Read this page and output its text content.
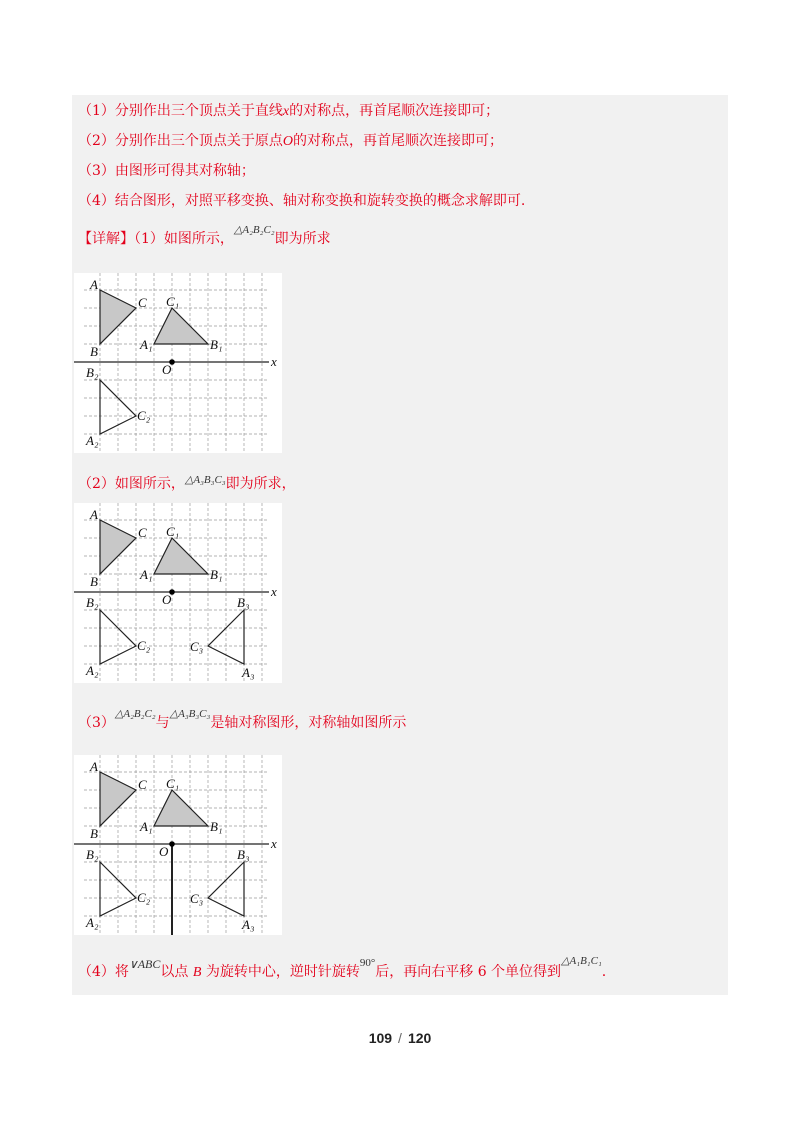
（1）分别作出三个顶点关于直线x的对称点，再首尾顺次连接即可；
（2）分别作出三个顶点关于原点O的对称点，再首尾顺次连接即可；
（3）由图形可得其对称轴；
（4）结合图形，对照平移变换、轴对称变换和旋转变换的概念求解即可.
【详解】（1）如图所示，$^{\triangle A_2B_2C_2}$即为所求
A
C
B
C₁
A₁	B₁
O
x
B₂
C₂
A₂
（2）如图所示，$^{\triangle A_3B_3C_3}$即为所求，
A
C
B
C₁
A₁	B₁
O
x
B₂
C₂
A₂
B₃
C₃
A₃
$(3)^{\triangle A_2B_2C_2}$与$^{\triangle A_3B_3C_3}$是轴对称图形，对称轴如图所示
A
C
B
C₁
A₁	B₁
O
x
B₂
C₂
A₂
B₃
C₃
A₃
（4）将∨ABC以点 B 为旋转中心，逆时针旋转$^{90^\circ}$后，再向右平移 6 个单位得到$^{\triangle A_1B_1C_1}$.
109 / 120
